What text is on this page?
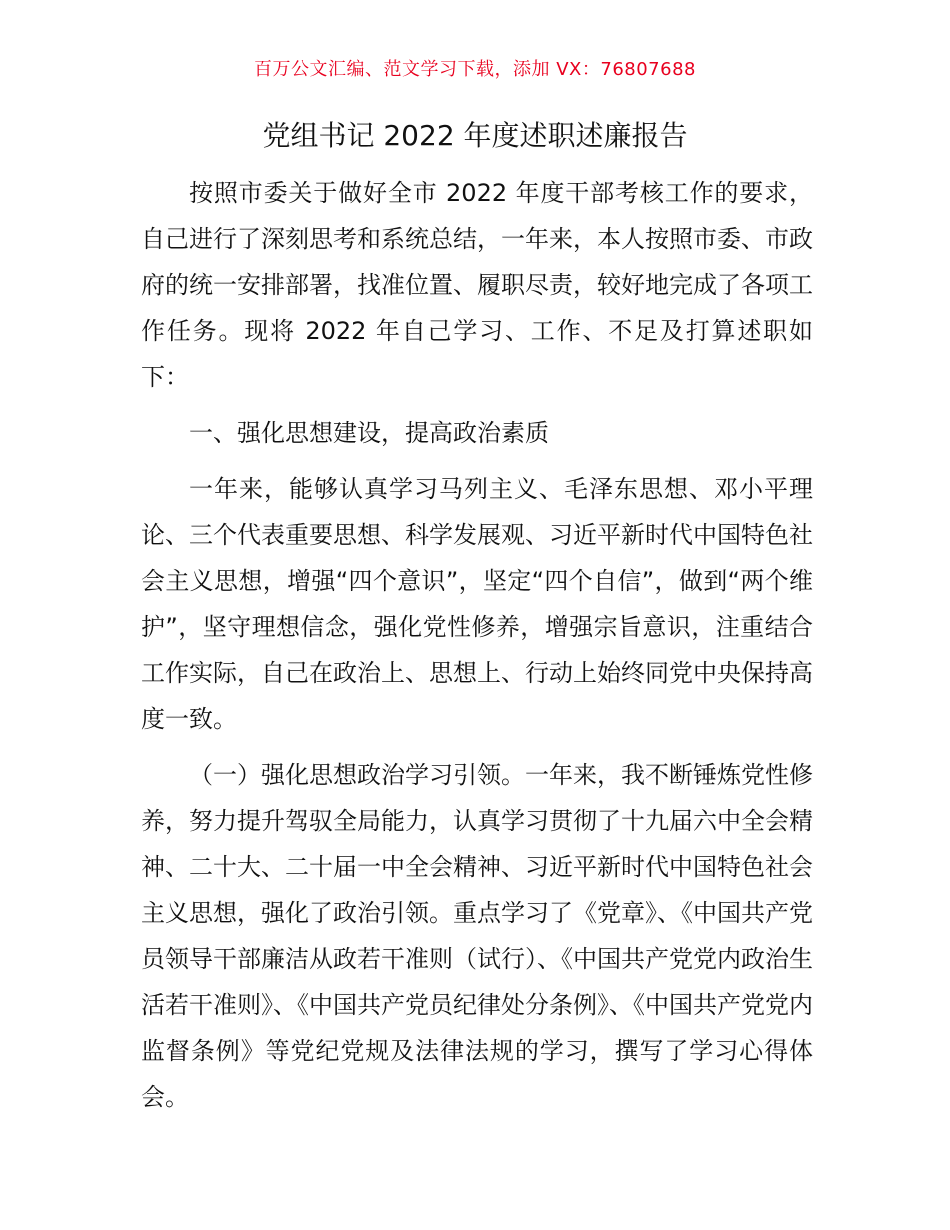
百万公文汇编、范文学习下载，添加 VX：76807688
党组书记 2022 年度述职述廉报告

按照市委关于做好全市 2022 年度干部考核工作的要求，自己进行了深刻思考和系统总结，一年来，本人按照市委、市政府的统一安排部署，找准位置、履职尽责，较好地完成了各项工作任务。现将 2022 年自己学习、工作、不足及打算述职如下：

一、强化思想建设，提高政治素质

一年来，能够认真学习马列主义、毛泽东思想、邓小平理论、三个代表重要思想、科学发展观、习近平新时代中国特色社会主义思想，增强“四个意识”，坚定“四个自信”，做到“两个维护”，坚守理想信念，强化党性修养，增强宗旨意识，注重结合工作实际，自己在政治上、思想上、行动上始终同党中央保持高度一致。

（一）强化思想政治学习引领。一年来，我不断锤炼党性修养，努力提升驾驭全局能力，认真学习贯彻了十九届六中全会精神、二十大、二十届一中全会精神、习近平新时代中国特色社会主义思想，强化了政治引领。重点学习了《党章》、《中国共产党员领导干部廉洁从政若干准则（试行）、《中国共产党党内政治生活若干准则》、《中国共产党员纪律处分条例》、《中国共产党党内监督条例》等党纪党规及法律法规的学习，撰写了学习心得体会。
